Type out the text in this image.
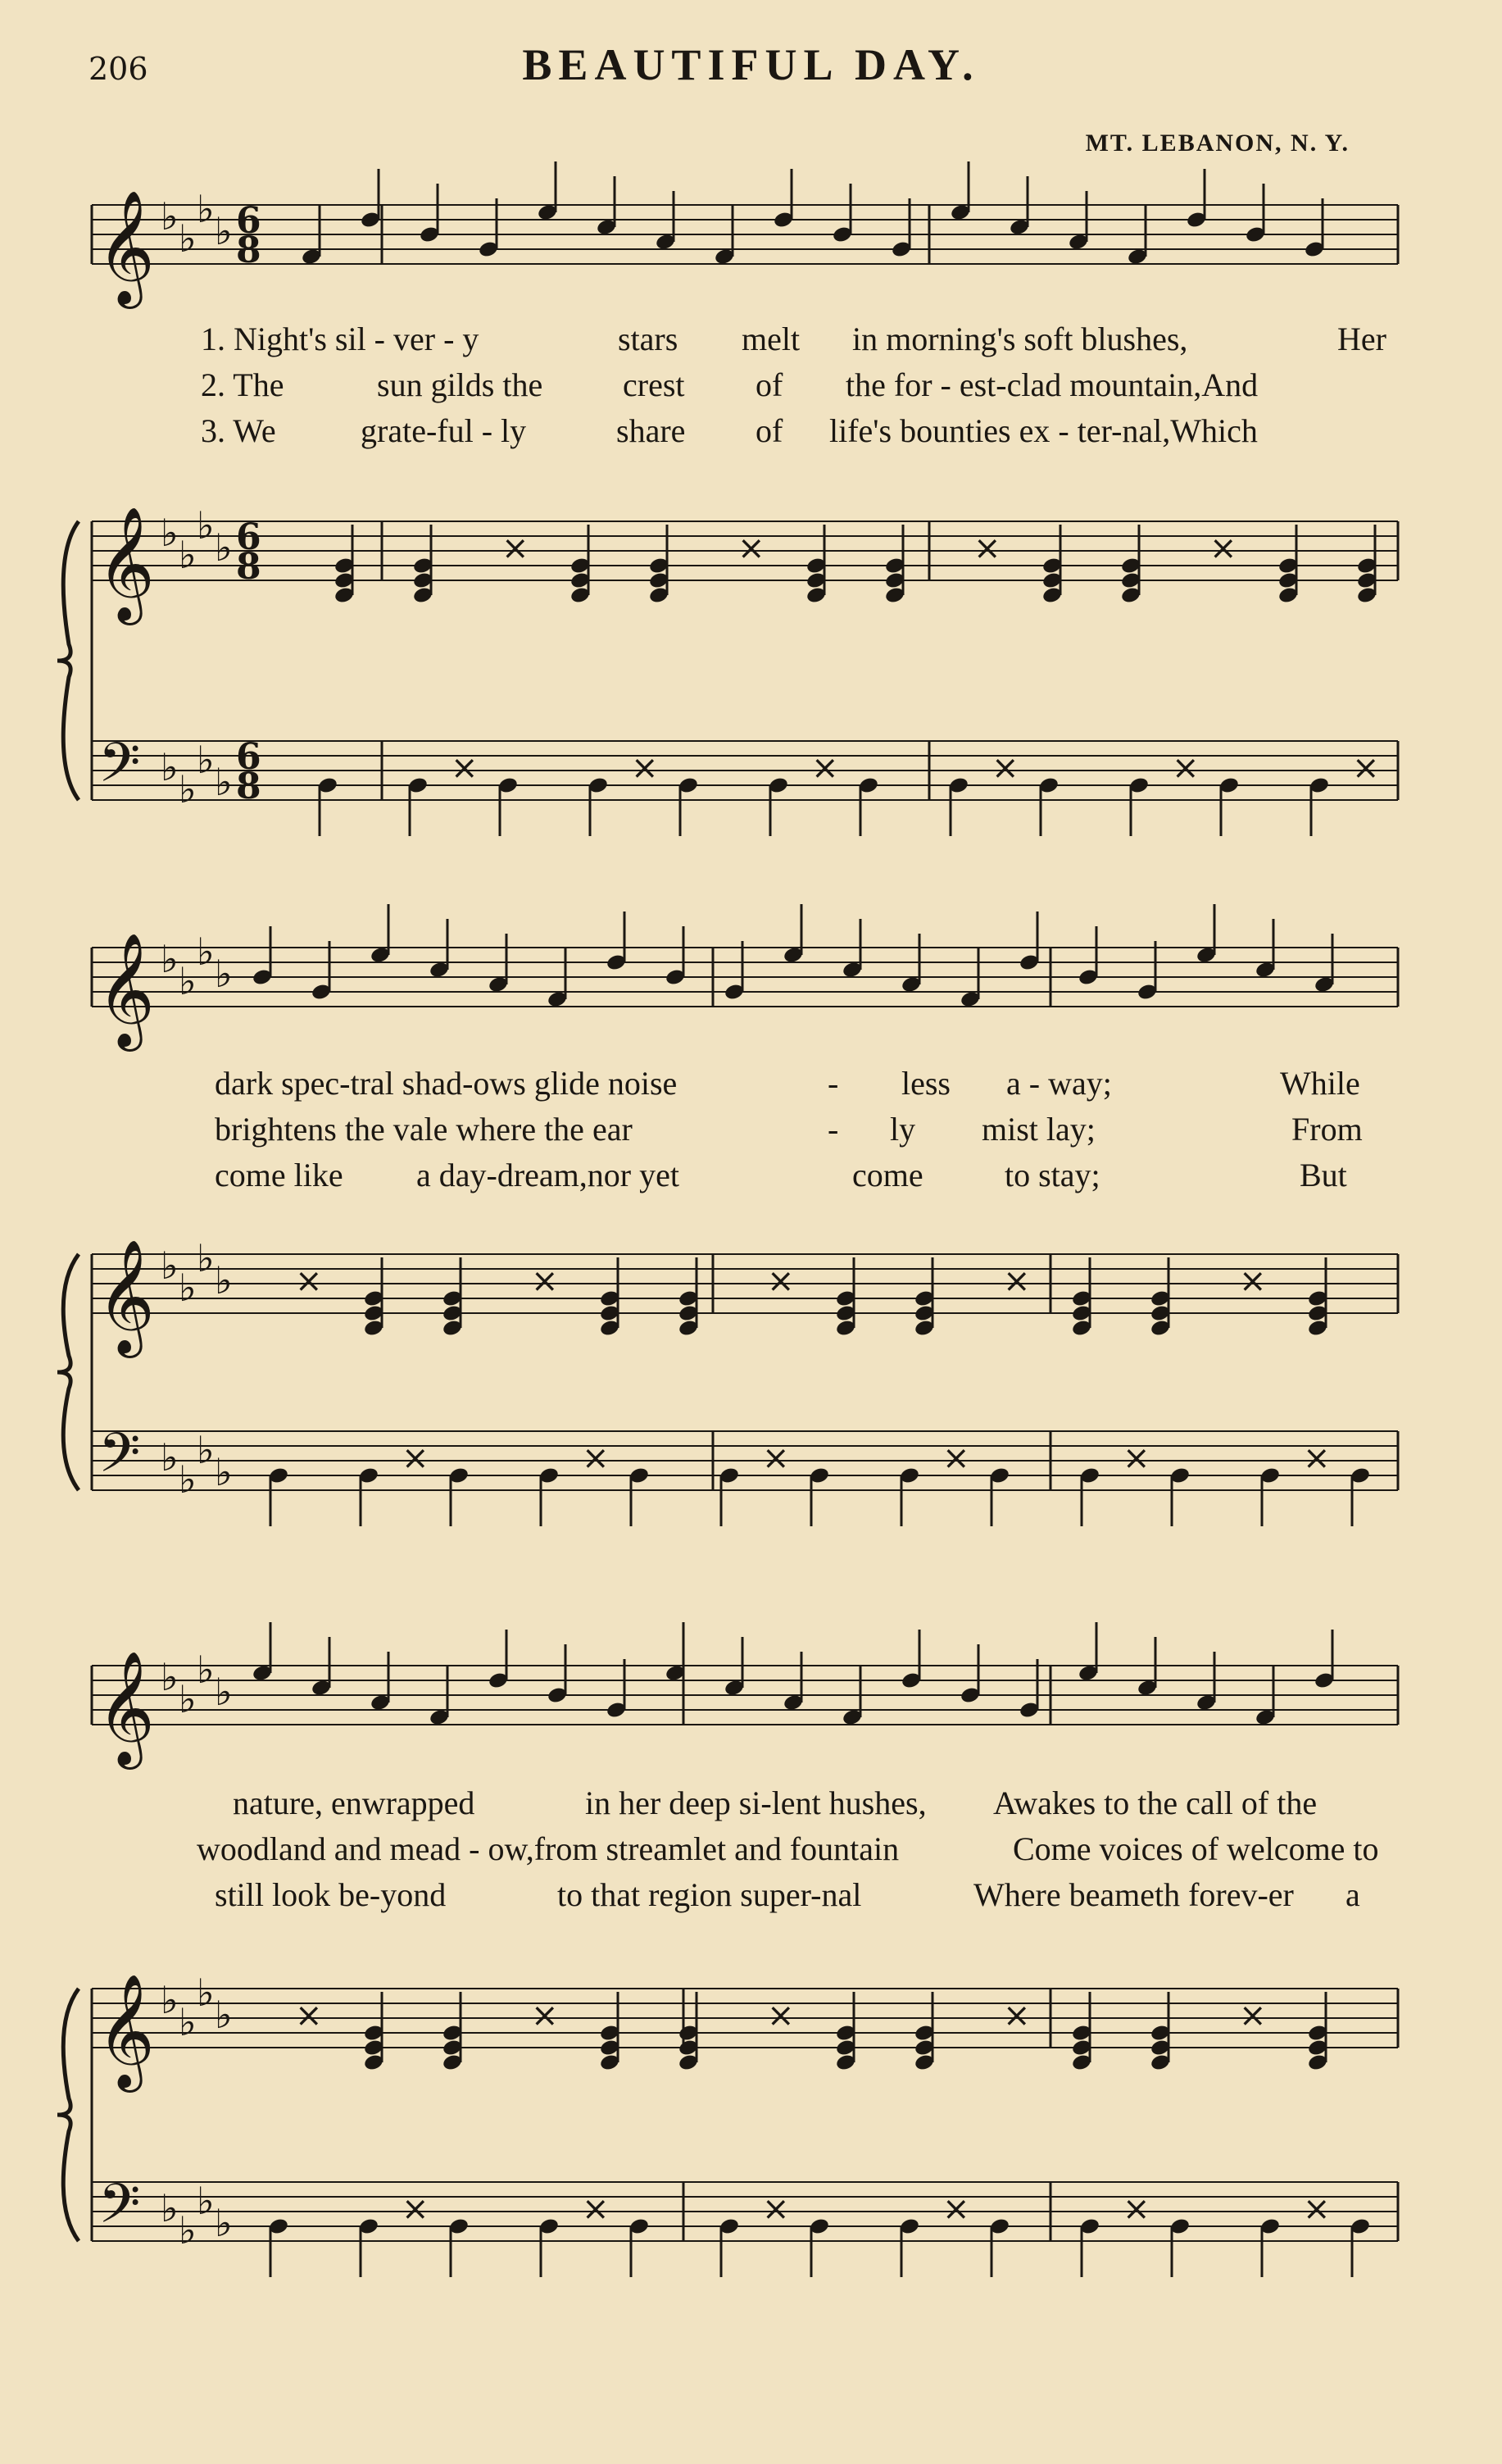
206	BEAUTIFUL DAY.
MT. LEBANON, N. Y.
𝄞 ♭ ♭
♭ ♭ 6
8
𝄞 ♭ ♭
♭ ♭ 6
8
𝄢 ♭ ♭
♭ ♭
6
8
×	×	×	×
×	×	×	×	×	×
𝄞 ♭ ♭
♭ ♭
𝄞 ♭ ♭
♭ ♭
𝄢 ♭ ♭
♭ ♭
×	×	×	×	×
×	×	×	×	×	×
𝄞 ♭ ♭
♭ ♭
𝄞 ♭ ♭
♭ ♭
𝄢 ♭ ♭
♭ ♭
×	×	×	×	×
×	×	×	×	×	×
1. Night's sil - ver - y	stars melt in morning's soft blushes,	Her
2. The	sun gilds the crest of the for - est-clad mountain,And
3. We	grate-ful - ly	share of life's bounties ex - ter-nal,Which
dark spec-tral shad-ows glide noise	- less a - way;	While
brightens the vale where the ear	- ly mist lay;	From
come like a day-dream,nor yet	come to stay;	But
nature, enwrapped	in her deep si-lent hushes, Awakes to the call of the
woodland and mead - ow,from streamlet and fountain	Come voices of welcome to
still look be-yond	to that region super-nal	Where beameth forev-er a
